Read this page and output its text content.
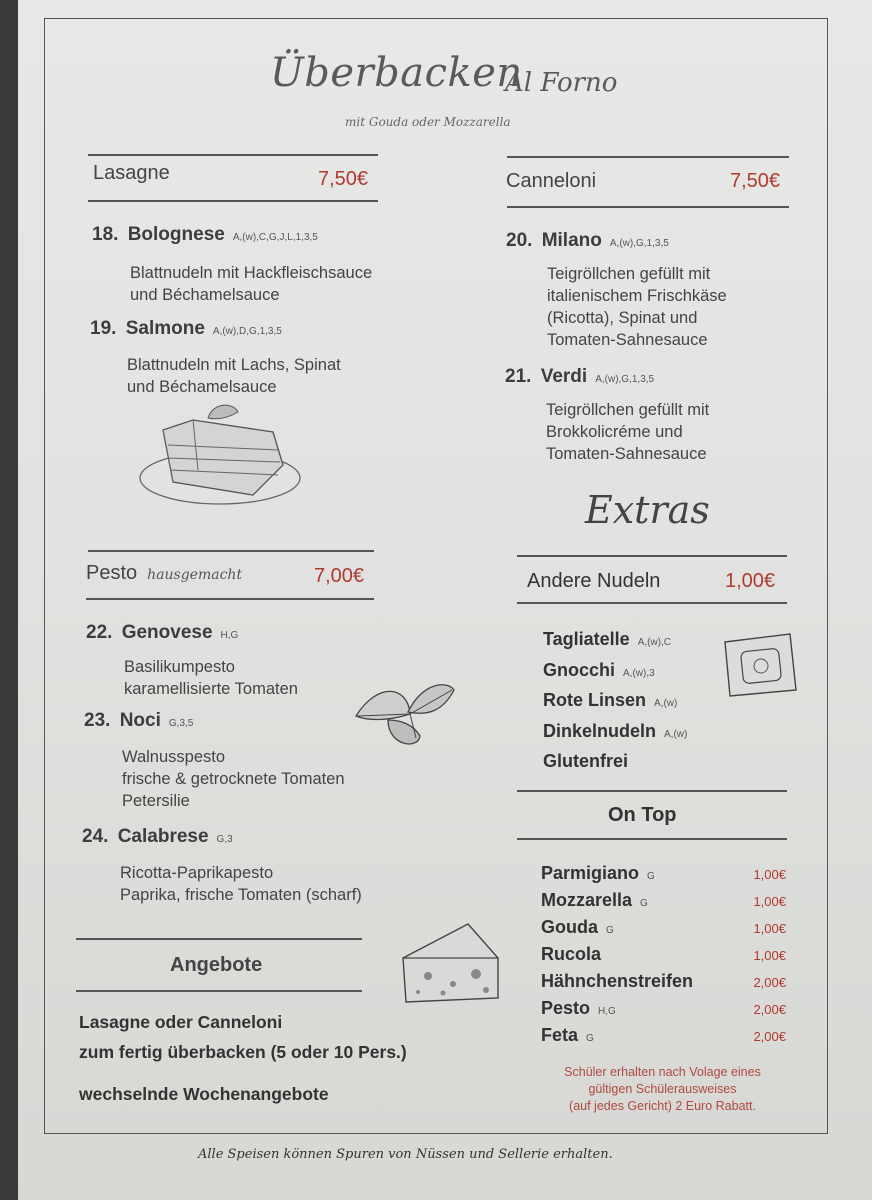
Überbacken
Al Forno
mit Gouda oder Mozzarella
Lasagne	7,50€
18. Bolognese A,(w),C,G,J,L,1,3,5
Blattnudeln mit Hackfleischsauce
und Béchamelsauce
19. Salmone A,(w),D,G,1,3,5
Blattnudeln mit Lachs, Spinat
und Béchamelsauce
Pesto hausgemacht	7,00€
22. Genovese H,G
Basilikumpesto
karamellisierte Tomaten
23. Noci G,3,5
Walnusspesto
frische & getrocknete Tomaten
Petersilie
24. Calabrese G,3
Ricotta-Paprikapesto
Paprika, frische Tomaten (scharf)
Angebote
Lasagne oder Canneloni
zum fertig überbacken (5 oder 10 Pers.)
wechselnde Wochenangebote
Canneloni	7,50€
20. Milano A,(w),G,1,3,5
Teigröllchen gefüllt mit
italienischem Frischkäse
(Ricotta), Spinat und
Tomaten-Sahnesauce
21. Verdi A,(w),G,1,3,5
Teigröllchen gefüllt mit
Brokkolicréme und
Tomaten-Sahnesauce
Extras
Andere Nudeln	1,00€
Tagliatelle A,(w),C
Gnocchi A,(w),3
Rote Linsen A,(w)
Dinkelnudeln A,(w)
Glutenfrei
On Top
Parmigiano G	1,00€
Mozzarella G	1,00€
Gouda G	1,00€
Rucola	1,00€
Hähnchenstreifen	2,00€
Pesto H,G	2,00€
Feta G	2,00€
Schüler erhalten nach Volage eines
gültigen Schülerausweises
(auf jedes Gericht) 2 Euro Rabatt.
Alle Speisen können Spuren von Nüssen und Sellerie erhalten.
